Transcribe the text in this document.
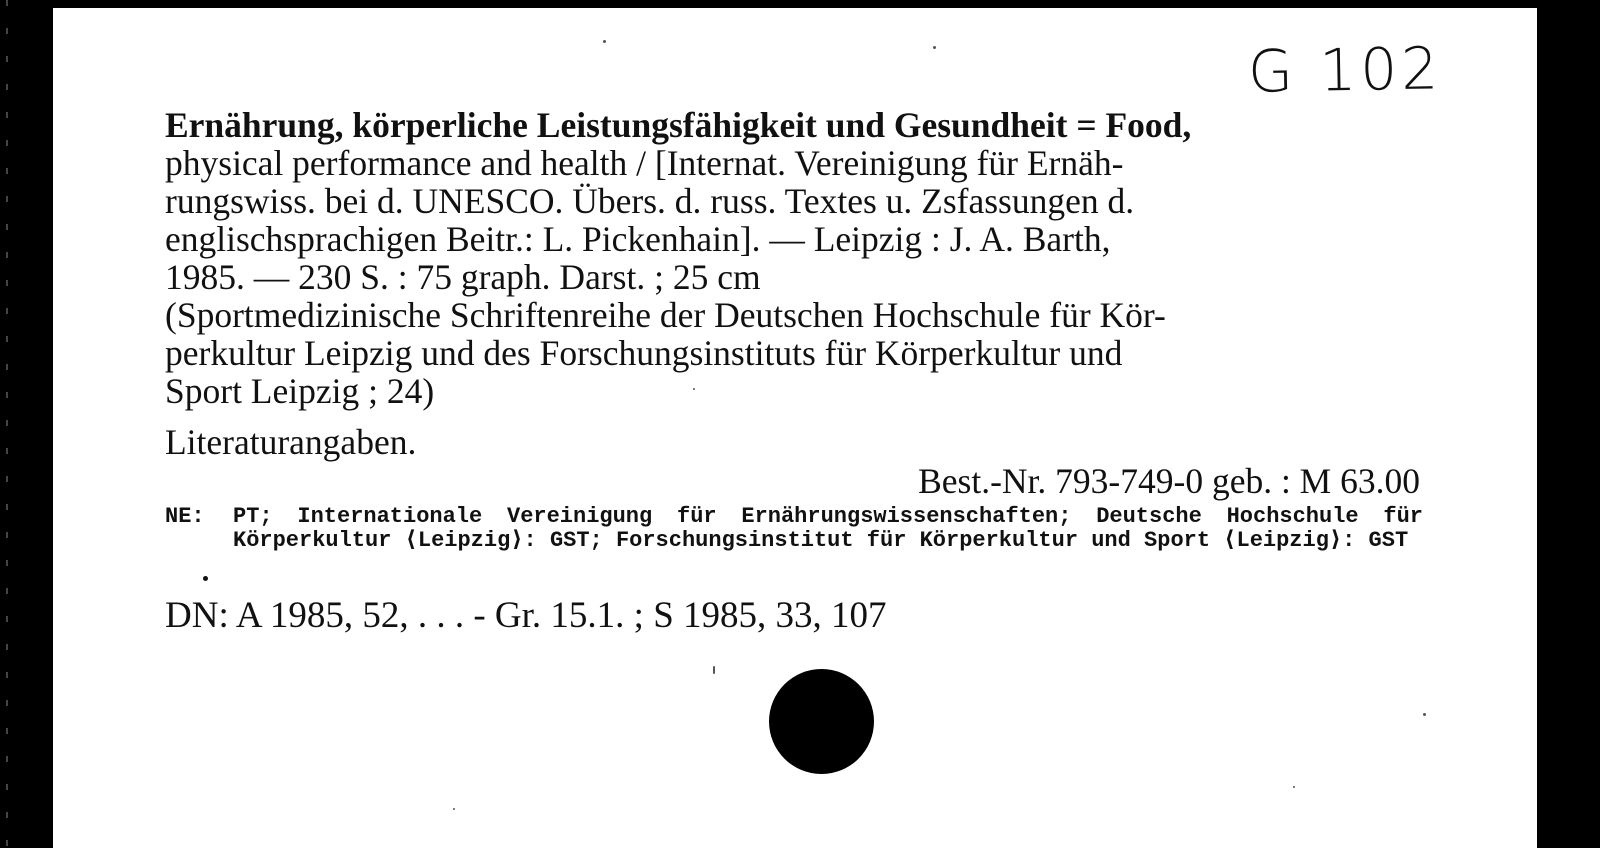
G 102
Ernährung, körperliche Leistungsfähigkeit und Gesundheit = Food,
physical performance and health / [Internat. Vereinigung für Ernäh-
rungswiss. bei d. UNESCO. Übers. d. russ. Textes u. Zsfassungen d.
englischsprachigen Beitr.: L. Pickenhain]. — Leipzig : J. A. Barth,
1985. — 230 S. : 75 graph. Darst. ; 25 cm
(Sportmedizinische Schriftenreihe der Deutschen Hochschule für Kör-
perkultur Leipzig und des Forschungsinstituts für Körperkultur und
Sport Leipzig ; 24)
Literaturangaben.
Best.-Nr. 793-749-0 geb. : M 63.00
NE: PT; Internationale Vereinigung für Ernährungswissenschaften; Deutsche Hochschule für Körperkultur ⟨Leipzig⟩: GST; Forschungsinstitut für Körperkultur und Sport ⟨Leipzig⟩: GST
DN: A 1985, 52, . . . - Gr. 15.1. ; S 1985, 33, 107
